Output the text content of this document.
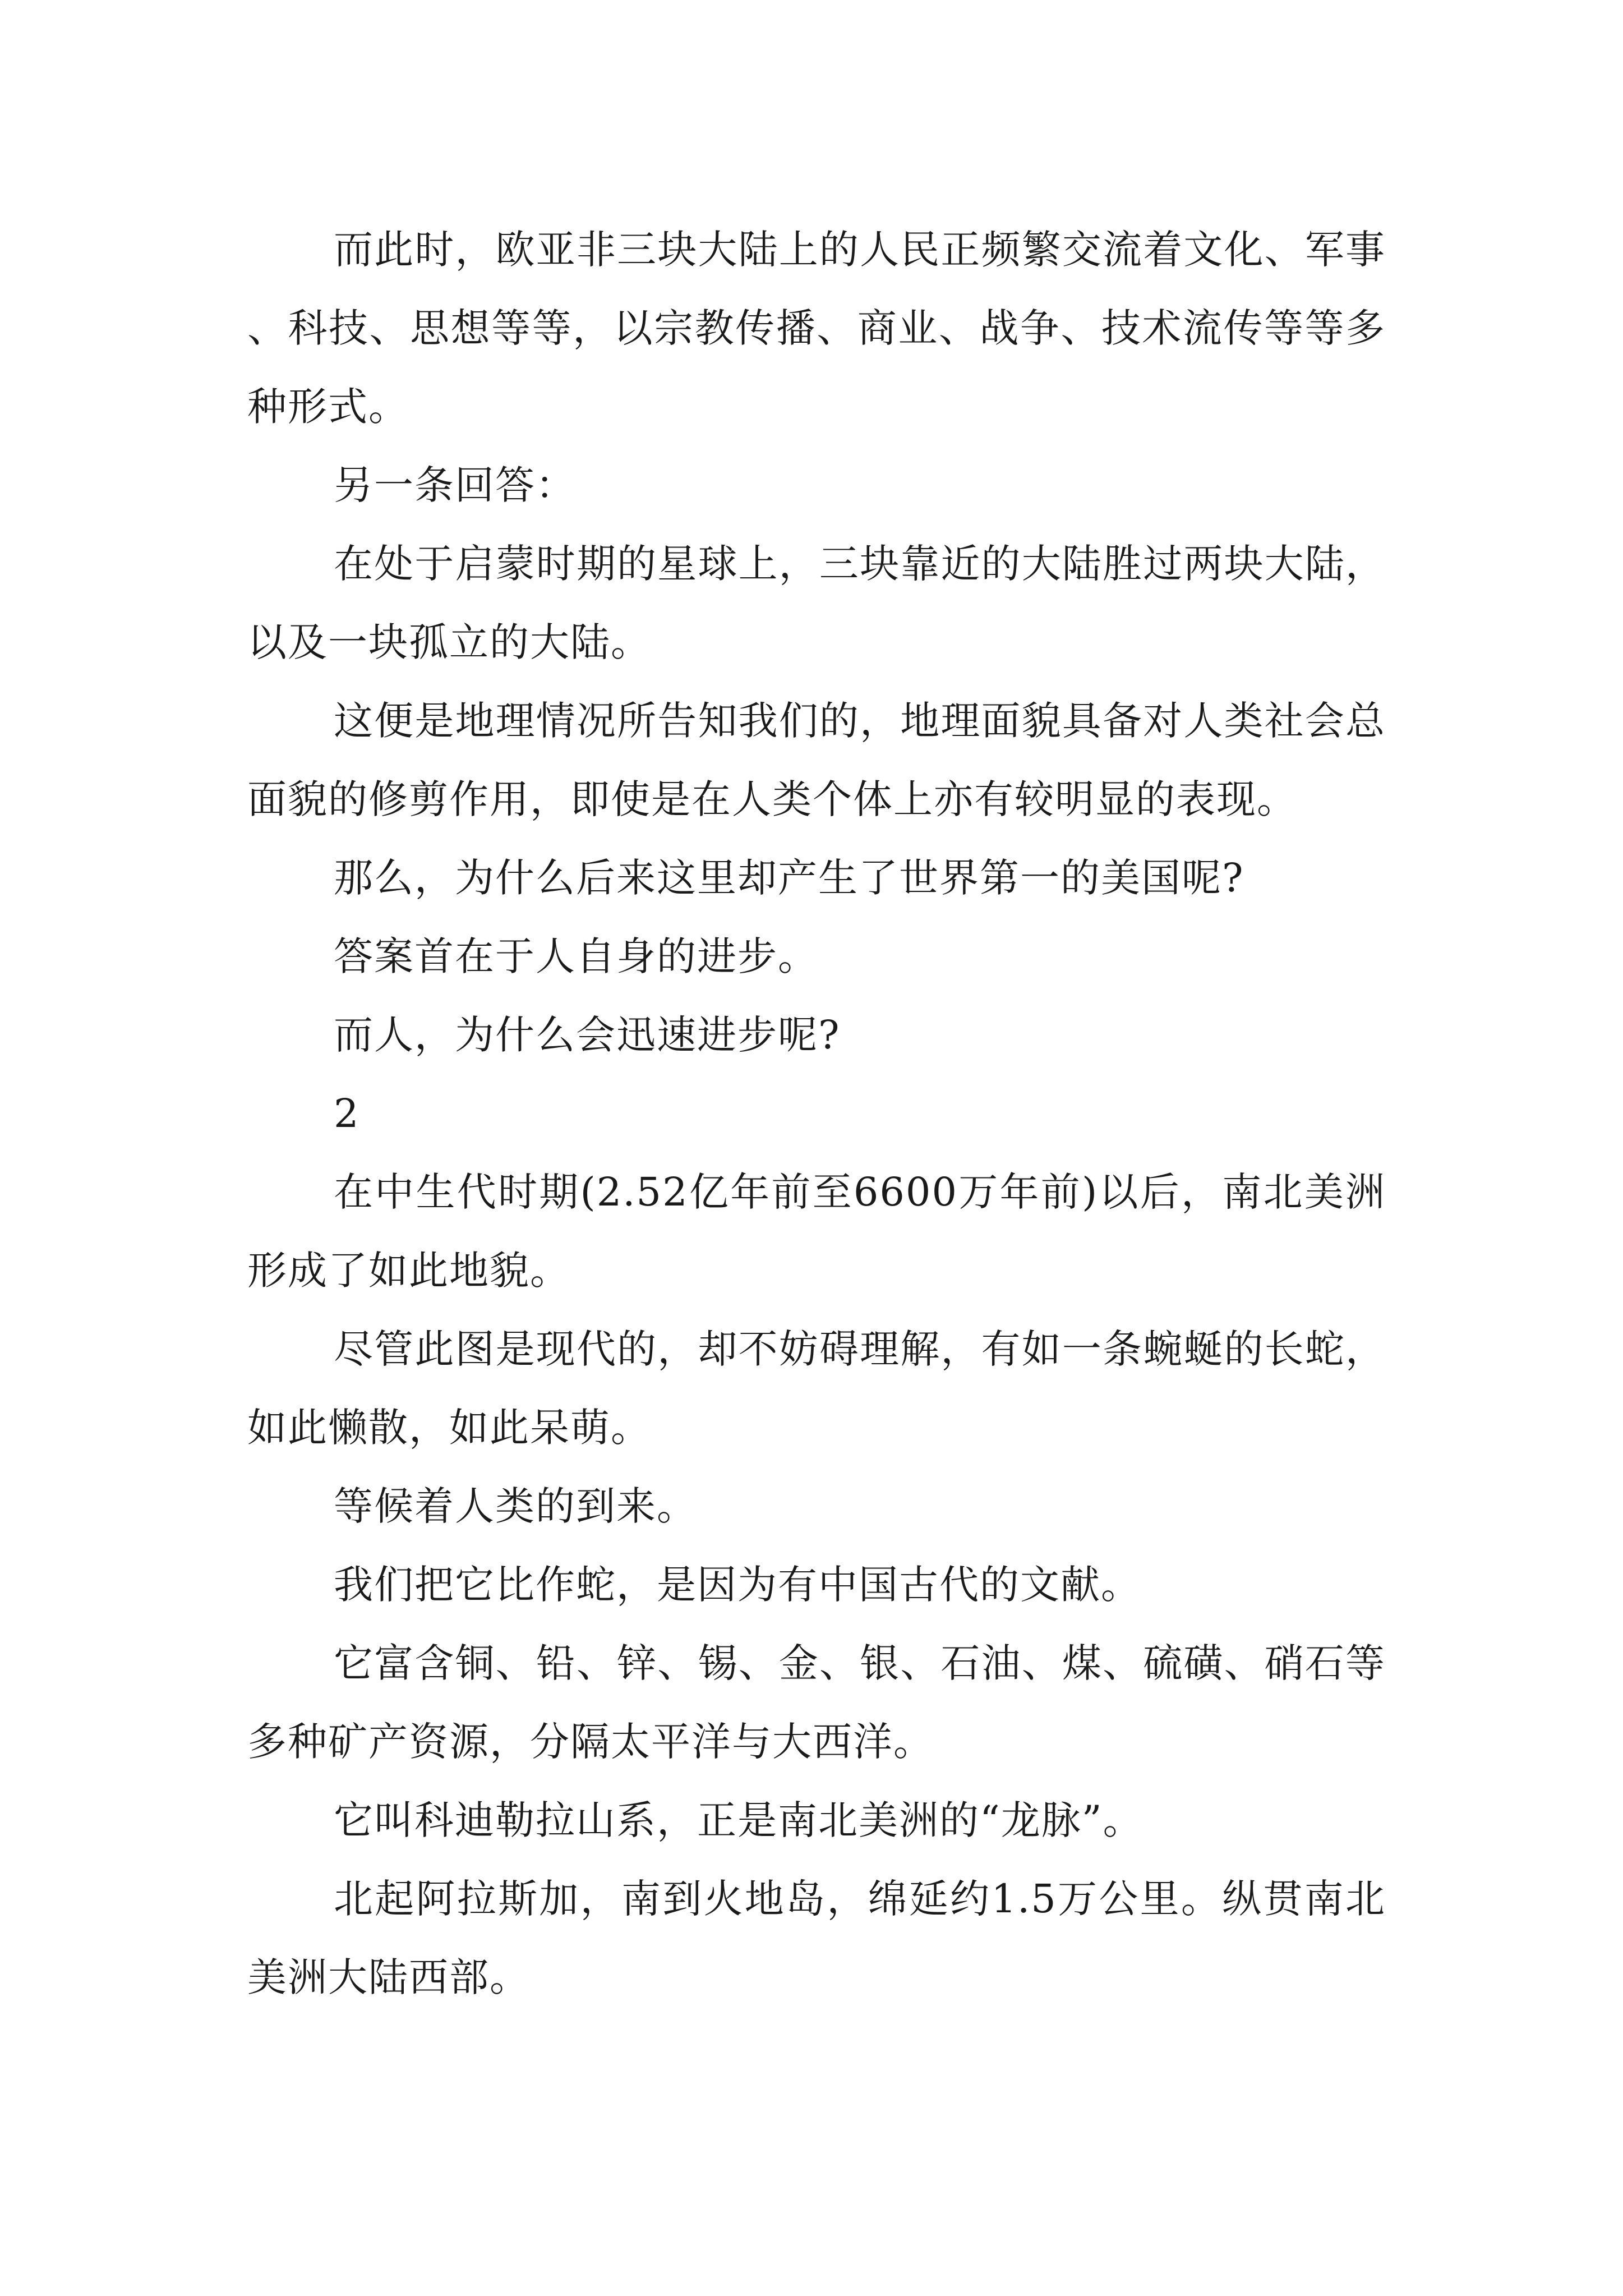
而此时，欧亚非三块大陆上的人民正频繁交流着文化、军事、科技、思想等等，以宗教传播、商业、战争、技术流传等等多种形式。

另一条回答：

在处于启蒙时期的星球上，三块靠近的大陆胜过两块大陆，以及一块孤立的大陆。

这便是地理情况所告知我们的，地理面貌具备对人类社会总面貌的修剪作用，即使是在人类个体上亦有较明显的表现。

那么，为什么后来这里却产生了世界第一的美国呢?

答案首在于人自身的进步。

而人，为什么会迅速进步呢?

2

在中生代时期(2.52亿年前至6600万年前)以后，南北美洲形成了如此地貌。

尽管此图是现代的，却不妨碍理解，有如一条蜿蜒的长蛇，如此懒散，如此呆萌。

等候着人类的到来。

我们把它比作蛇，是因为有中国古代的文献。

它富含铜、铅、锌、锡、金、银、石油、煤、硫磺、硝石等多种矿产资源，分隔太平洋与大西洋。

它叫科迪勒拉山系，正是南北美洲的“龙脉”。

北起阿拉斯加，南到火地岛，绵延约1.5万公里。纵贯南北美洲大陆西部。
